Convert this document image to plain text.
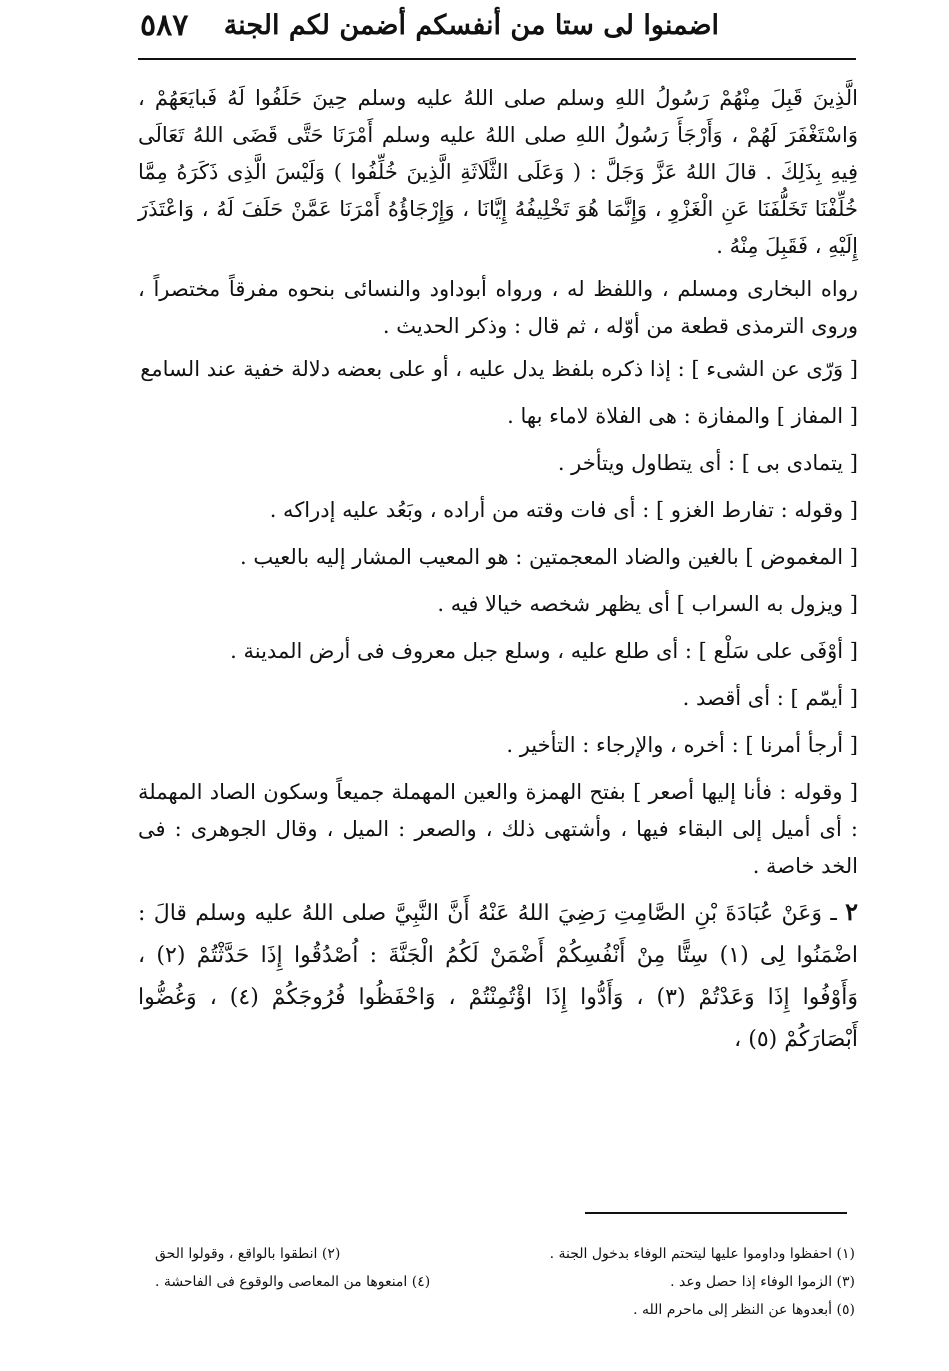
٥٨٧ اضمنوا لى ستا من أنفسكم أضمن لكم الجنة

الَّذِينَ قَبِلَ مِنْهُمْ رَسُولُ اللهِ وسلم صلى اللهُ عليه وسلم حِينَ حَلَفُوا لَهُ فَبايَعَهُمْ ، وَاسْتَغْفَرَ لَهُمْ ، وَأَرْجَأَ رَسُولُ اللهِ صلى اللهُ عليه وسلم أَمْرَنَا حَتَّى قَضَى اللهُ تَعَالَى فِيهِ بِذَلِكَ . قالَ اللهُ عَزَّ وَجَلَّ : ( وَعَلَى الثَّلَاثَةِ الَّذِينَ خُلِّفُوا ) وَلَيْسَ الَّذِى ذَكَرَهُ مِمَّا خُلِّفْنَا تَخَلُّفَنَا عَنِ الْغَزْوِ ، وَإِنَّمَا هُوَ تَخْلِيفُهُ إِيَّانَا ، وَإِرْجَاؤُهُ أَمْرَنَا عَمَّنْ حَلَفَ لَهُ ، وَاعْتَذَرَ إِلَيْهِ ، فَقَبِلَ مِنْهُ .

رواه البخارى ومسلم ، واللفظ له ، ورواه أبوداود والنسائى بنحوه مفرقاً مختصراً ، وروى الترمذى قطعة من أوّله ، ثم قال : وذكر الحديث .

[ وَرّى عن الشىء ] : إذا ذكره بلفظ يدل عليه ، أو على بعضه دلالة خفية عند السامع
[ المفاز ] والمفازة : هى الفلاة لاماء بها .
[ يتمادى بى ] : أى يتطاول ويتأخر .
[ وقوله : تفارط الغزو ] : أى فات وقته من أراده ، وبَعُد عليه إدراكه .
[ المغموض ] بالغين والضاد المعجمتين : هو المعيب المشار إليه بالعيب .
[ ويزول به السراب ] أى يظهر شخصه خيالا فيه .
[ أوْفَى على سَلْع ] : أى طلع عليه ، وسلع جبل معروف فى أرض المدينة .
[ أيمّم ] : أى أقصد .
[ أرجأ أمرنا ] : أخره ، والإرجاء : التأخير .

[ وقوله : فأنا إليها أصعر ] بفتح الهمزة والعين المهملة جميعاً وسكون الصاد المهملة : أى أميل إلى البقاء فيها ، وأشتهى ذلك ، والصعر : الميل ، وقال الجوهرى : فى الخد خاصة .

٢ ـ وَعَنْ عُبَادَةَ بْنِ الصَّامِتِ رَضِيَ اللهُ عَنْهُ أَنَّ النَّبِيَّ صلى اللهُ عليه وسلم قالَ : اضْمَنُوا لِى (١) سِتًّا مِنْ أَنْفُسِكُمْ أَضْمَنْ لَكُمُ الْجَنَّةَ : اُصْدُقُوا إِذَا حَدَّثْتُمْ (٢) ، وَأَوْفُوا إِذَا وَعَدْتُمْ (٣) ، وَأَدُّوا إِذَا اؤْتُمِنْتُمْ ، وَاحْفَظُوا فُرُوجَكُمْ (٤) ، وَغُضُّوا أَبْصَارَكُمْ (٥) ،

(١) احفظوا وداوموا عليها ليتحتم الوفاء بدخول الجنة .
(٢) انطقوا بالواقع ، وقولوا الحق
(٣) الزموا الوفاء إذا حصل وعد .
(٤) امنعوها من المعاصى والوقوع فى الفاحشة .
(٥) أبعدوها عن النظر إلى ماحرم الله .
